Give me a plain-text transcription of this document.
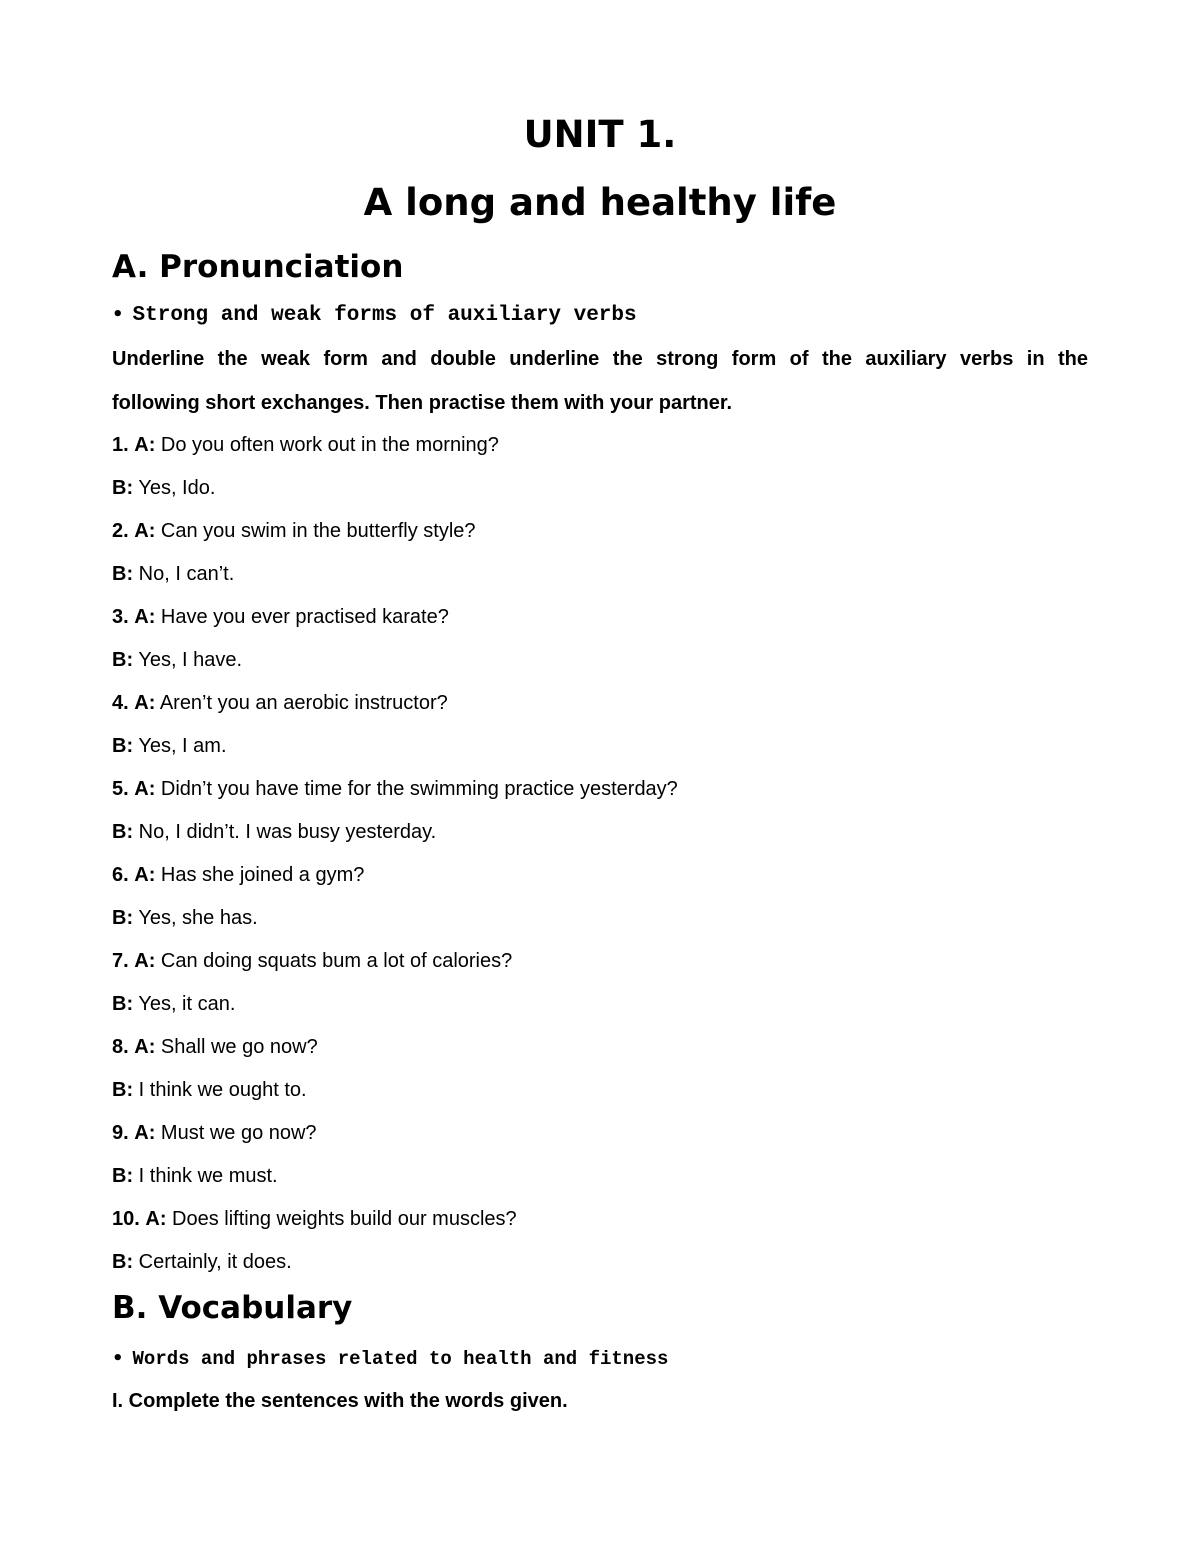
UNIT 1.
A long and healthy life
A. Pronunciation

• Strong and weak forms of auxiliary verbs

Underline the weak form and double underline the strong form of the auxiliary verbs in the

following short exchanges. Then practise them with your partner.

1. A: Do you often work out in the morning?

B: Yes, Ido.

2. A: Can you swim in the butterfly style?

B: No, I can’t.

3. A: Have you ever practised karate?

B: Yes, I have.

4. A: Aren’t you an aerobic instructor?

B: Yes, I am.

5. A: Didn’t you have time for the swimming practice yesterday?

B: No, I didn’t. I was busy yesterday.

6. A: Has she joined a gym?

B: Yes, she has.

7. A: Can doing squats bum a lot of calories?

B: Yes, it can.

8. A: Shall we go now?

B: I think we ought to.

9. A: Must we go now?

B: I think we must.

10. A: Does lifting weights build our muscles?

B: Certainly, it does.

B. Vocabulary

• Words and phrases related to health and fitness

I. Complete the sentences with the words given.
